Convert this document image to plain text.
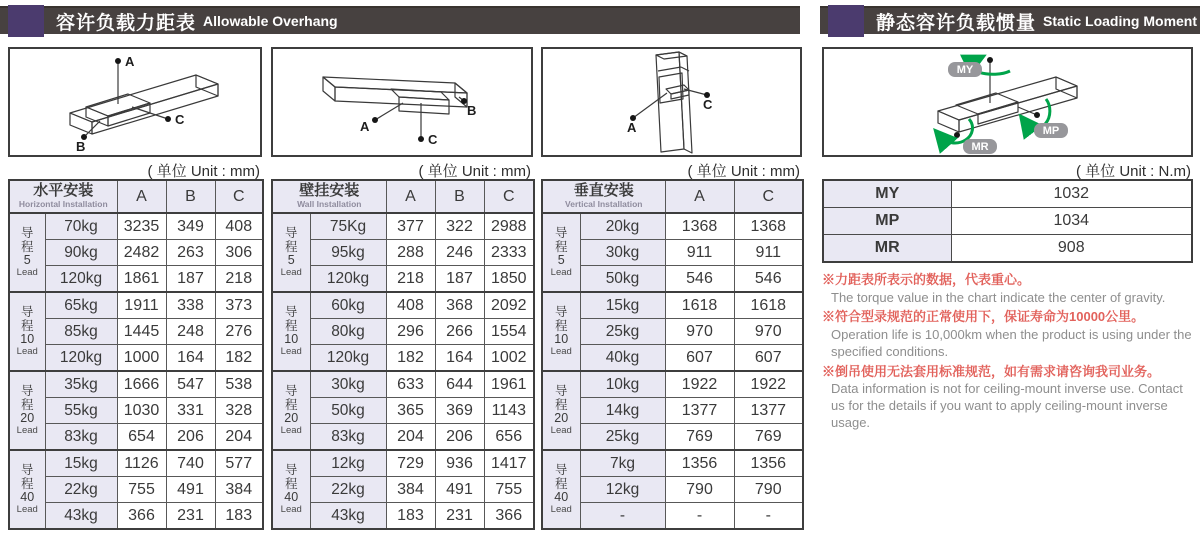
容许负载力距表 Allowable Overhang	静态容许负载惯量 Static Loading Moment
A
B
C
( 单位 Unit : mm)
水平安装
Horizontal Installation		A	B	C

导
程
5
Lead	70kg	3235	349	408
	90kg	2482	263	306
	120kg	1861	187	218

导
程
10
Lead	65kg	1911	338	373
	85kg	1445	248	276
	120kg	1000	164	182

导
程
20
Lead	35kg	1666	547	538
	55kg	1030	331	328
	83kg	654	206	204

导
程
40
Lead	15kg	1126	740	577
	22kg	755	491	384
	43kg	366	231	183
A
C
B
( 单位 Unit : mm)
壁挂安装
Wall Installation		A	B	C

导
程
5
Lead	75Kg	377	322	2988
	95kg	288	246	2333
	120kg	218	187	1850

导
程
10
Lead	60kg	408	368	2092
	80kg	296	266	1554
	120kg	182	164	1002

导
程
20
Lead	30kg	633	644	1961
	50kg	365	369	1143
	83kg	204	206	656

导
程
40
Lead	12kg	729	936	1417
	22kg	384	491	755
	43kg	183	231	366
A
C
( 单位 Unit : mm)
垂直安装
Vertical Installation		A	C

导
程
5
Lead	20kg	1368	1368
	30kg	911	911
	50kg	546	546

导
程
10
Lead	15kg	1618	1618
	25kg	970	970
	40kg	607	607

导
程
20
Lead	10kg	1922	1922
	14kg	1377	1377
	25kg	769	769

导
程
40
Lead	7kg	1356	1356
	12kg	790	790
	-	-	-
MY
MP
MR
( 单位 Unit : N.m)
MY	1032
MP	1034
MR	908
※力距表所表示的数据，代表重心。
The torque value in the chart indicate the center of gravity.
※符合型录规范的正常使用下，保证寿命为10000公里。
Operation life is 10,000km when the product is using under the specified conditions.
※倒吊使用无法套用标准规范，如有需求请咨询我司业务。
Data information is not for ceiling-mount inverse use. Contact us for the details if you want to apply ceiling-mount inverse usage.
